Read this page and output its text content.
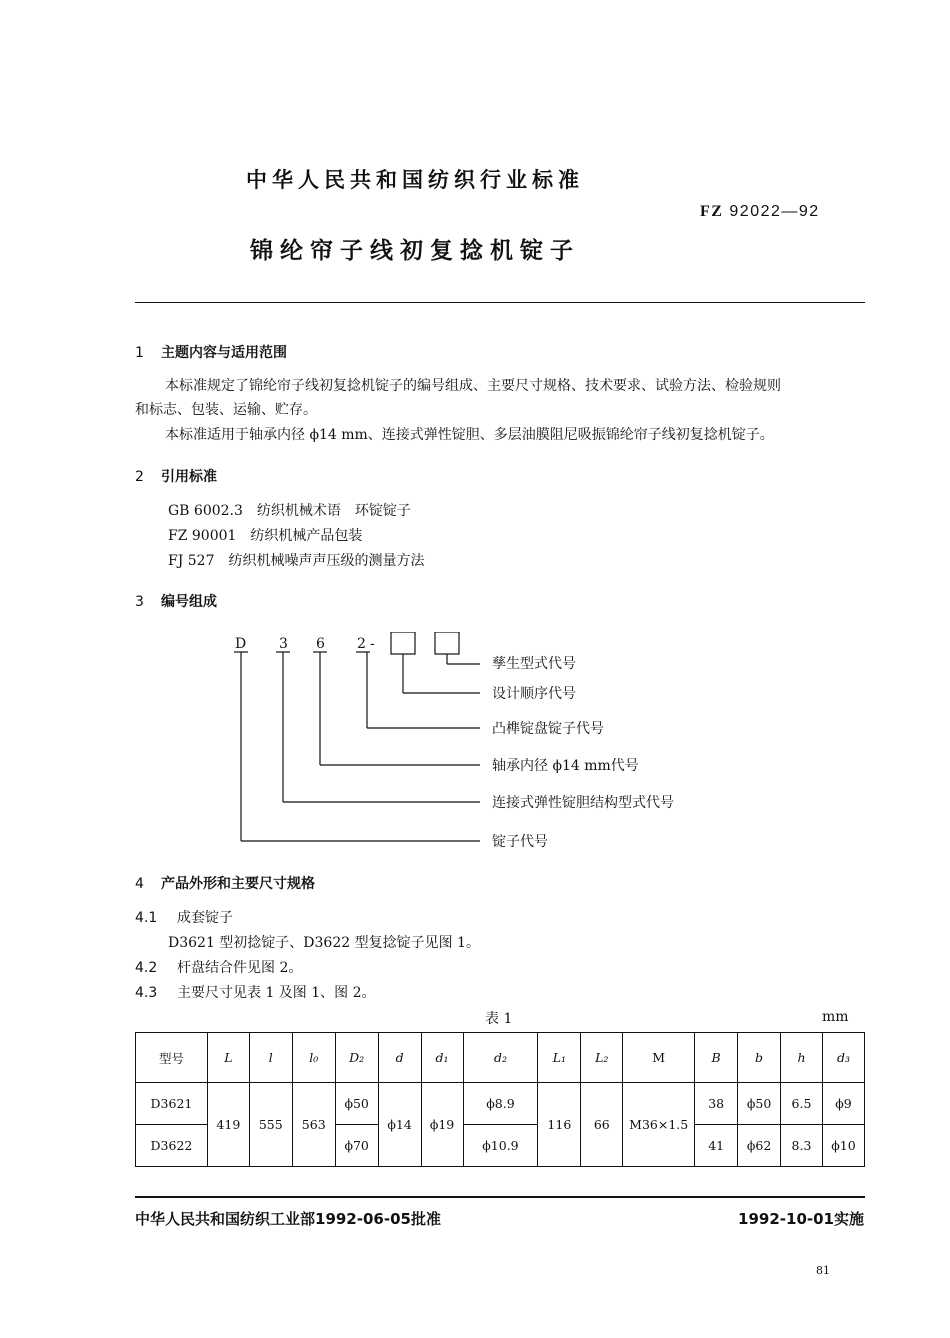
中华人民共和国纺织行业标准
FZ 92022—92
锦纶帘子线初复捻机锭子
1 主题内容与适用范围
本标准规定了锦纶帘子线初复捻机锭子的编号组成、主要尺寸规格、技术要求、试验方法、检验规则
和标志、包装、运输、贮存。
本标准适用于轴承内径 ϕ14 mm、连接式弹性锭胆、多层油膜阻尼吸振锦纶帘子线初复捻机锭子。
2 引用标准
GB 6002.3　纺织机械术语　环锭锭子
FZ 90001　纺织机械产品包装
FJ 527　纺织机械噪声声压级的测量方法
3 编号组成
D 3 6 2 -
孳生型式代号
设计顺序代号
凸榫锭盘锭子代号
轴承内径 ϕ14 mm代号
连接式弹性锭胆结构型式代号
锭子代号
4 产品外形和主要尺寸规格
4.1 成套锭子
D3621 型初捻锭子、D3622 型复捻锭子见图 1。
4.2 杆盘结合件见图 2。
4.3 主要尺寸见表 1 及图 1、图 2。
表 1	mm
型号	L	l	l₀	D₂	d	d₁	d₂	L₁	L₂	M	B	b	h	d₃
D3621	419	555	563	ϕ50	ϕ14	ϕ19	ϕ8.9	116	66	M36×1.5	38	ϕ50	6.5	ϕ9
D3622				ϕ70			ϕ10.9				41	ϕ62	8.3	ϕ10
中华人民共和国纺织工业部1992-06-05批准	1992-10-01实施
81
